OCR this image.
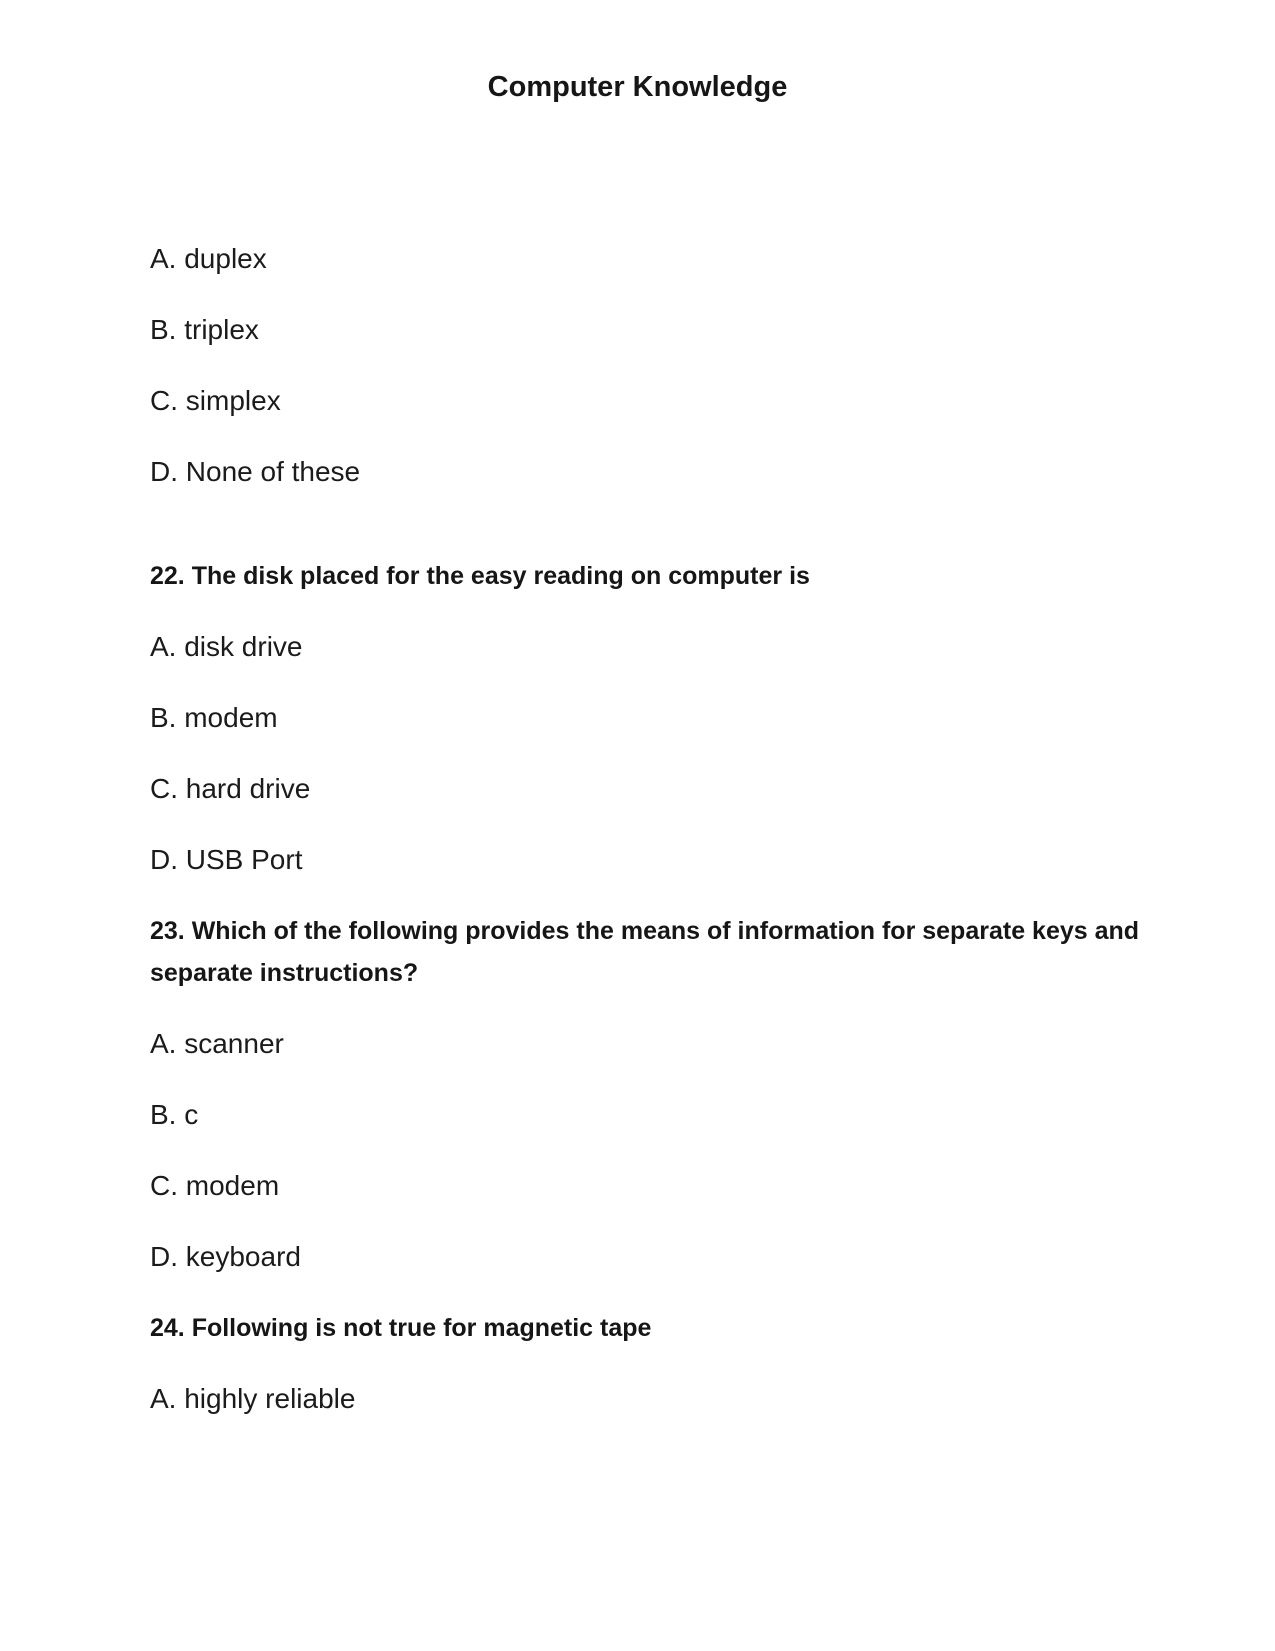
Computer Knowledge

A. duplex

B. triplex

C. simplex

D. None of these

22. The disk placed for the easy reading on computer is

A. disk drive

B. modem

C. hard drive

D. USB Port

23. Which of the following provides the means of information for separate keys and separate instructions?

A. scanner

B. c

C. modem

D. keyboard

24. Following is not true for magnetic tape

A. highly reliable
